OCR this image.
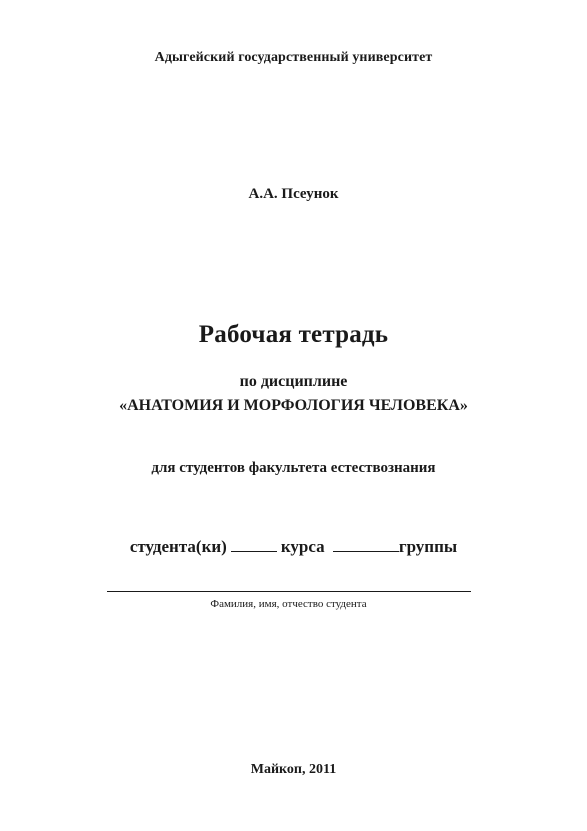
Адыгейский государственный университет
А.А. Псеунок
Рабочая тетрадь
по дисциплине
«АНАТОМИЯ И МОРФОЛОГИЯ ЧЕЛОВЕКА»
для студентов факультета естествознания
студента(ки)	курса	группы
Фамилия, имя, отчество студента
Майкоп, 2011
